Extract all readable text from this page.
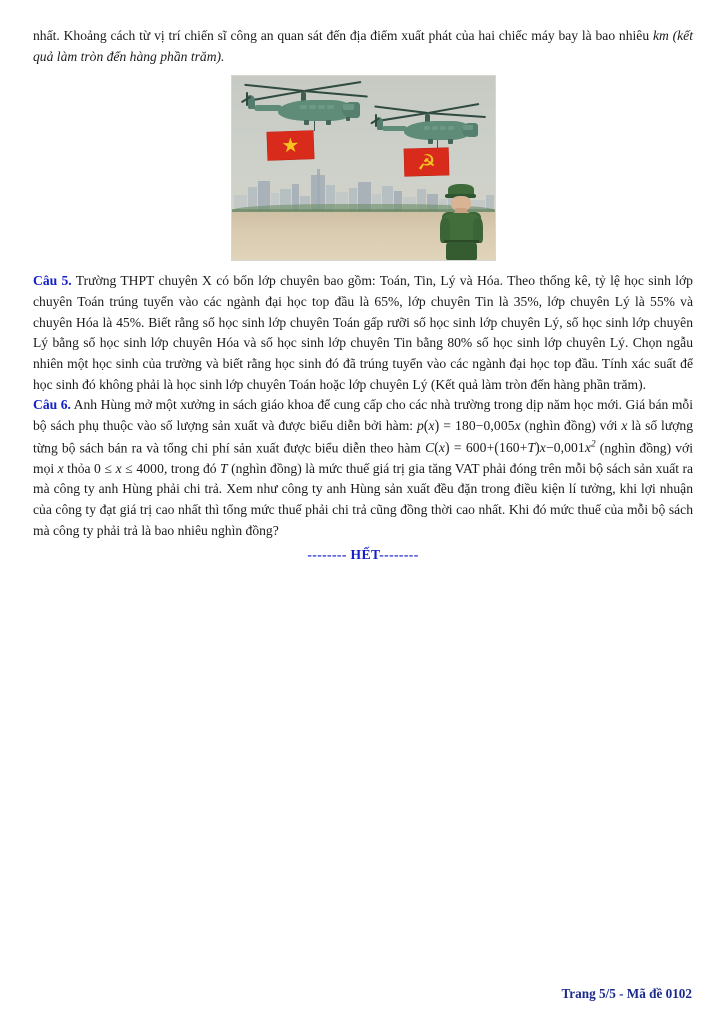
nhất. Khoảng cách từ vị trí chiến sĩ công an quan sát đến địa điểm xuất phát của hai chiếc máy bay là bao nhiêu km (kết quả làm tròn đến hàng phần trăm).

★
☭

Câu 5. Trường THPT chuyên X có bốn lớp chuyên bao gồm: Toán, Tin, Lý và Hóa. Theo thống kê, tỷ lệ học sinh lớp chuyên Toán trúng tuyển vào các ngành đại học top đầu là 65%, lớp chuyên Tin là 35%, lớp chuyên Lý là 55% và chuyên Hóa là 45%. Biết rằng số học sinh lớp chuyên Toán gấp rưỡi số học sinh lớp chuyên Lý, số học sinh lớp chuyên Lý bằng số học sinh lớp chuyên Hóa và số học sinh lớp chuyên Tin bằng 80% số học sinh lớp chuyên Lý. Chọn ngẫu nhiên một học sinh của trường và biết rằng học sinh đó đã trúng tuyển vào các ngành đại học top đầu. Tính xác suất để học sinh đó không phải là học sinh lớp chuyên Toán hoặc lớp chuyên Lý (Kết quả làm tròn đến hàng phần trăm).

Câu 6. Anh Hùng mở một xưởng in sách giáo khoa để cung cấp cho các nhà trường trong dịp năm học mới. Giá bán mỗi bộ sách phụ thuộc vào số lượng sản xuất và được biểu diễn bởi hàm: p(x) = 180−0,005x (nghìn đồng) với x là số lượng từng bộ sách bán ra và tổng chi phí sản xuất được biểu diễn theo hàm $C(x) = 600+(160+T)x-0,001x^2$ (nghìn đồng) với mọi x thỏa 0 ≤ x ≤ 4000, trong đó T (nghìn đồng) là mức thuế giá trị gia tăng VAT phải đóng trên mỗi bộ sách sản xuất ra mà công ty anh Hùng phải chi trả. Xem như công ty anh Hùng sản xuất đều đặn trong điều kiện lí tưởng, khi lợi nhuận của công ty đạt giá trị cao nhất thì tổng mức thuế phải chi trả cũng đồng thời cao nhất. Khi đó mức thuế của mỗi bộ sách mà công ty phải trả là bao nhiêu nghìn đồng?

-------- HẾT--------
Trang 5/5 - Mã đề 0102
